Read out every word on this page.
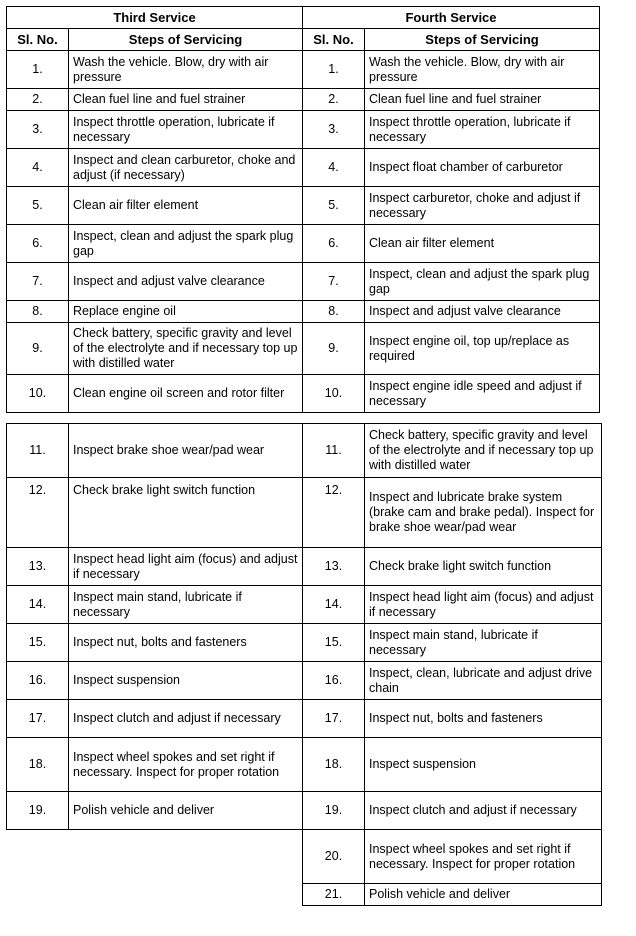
Third Service		Fourth Service	
Sl. No.	Steps of Servicing	Sl. No.	Steps of Servicing
1.	Wash the vehicle. Blow, dry with air pressure	1.	Wash the vehicle. Blow, dry with air pressure
2.	Clean fuel line and fuel strainer	2.	Clean fuel line and fuel strainer
3.	Inspect throttle operation, lubricate if necessary	3.	Inspect throttle operation, lubricate if necessary
4.	Inspect and clean carburetor, choke and adjust (if necessary)	4.	Inspect float chamber of carburetor
5.	Clean air filter element	5.	Inspect carburetor, choke and adjust if necessary
6.	Inspect, clean and adjust the spark plug gap	6.	Clean air filter element
7.	Inspect and adjust valve clearance	7.	Inspect, clean and adjust the spark plug gap
8.	Replace engine oil	8.	Inspect and adjust valve clearance
9.	Check battery, specific gravity and level of the electrolyte and if necessary top up with distilled water	9.	Inspect engine oil, top up/replace as required
10.	Clean engine oil screen and rotor filter	10.	Inspect engine idle speed and adjust if necessary
11.	Inspect brake shoe wear/pad wear	11.	Check battery, specific gravity and level of the electrolyte and if necessary top up with distilled water
12.	Check brake light switch function	12.	Inspect and lubricate brake system (brake cam and brake pedal). Inspect for brake shoe wear/pad wear
13.	Inspect head light aim (focus) and adjust if necessary	13.	Check brake light switch function
14.	Inspect main stand, lubricate if necessary	14.	Inspect head light aim (focus) and adjust if necessary
15.	Inspect nut, bolts and fasteners	15.	Inspect main stand, lubricate if necessary
16.	Inspect suspension	16.	Inspect, clean, lubricate and adjust drive chain
17.	Inspect clutch and adjust if necessary	17.	Inspect nut, bolts and fasteners
18.	Inspect wheel spokes and set right if necessary. Inspect for proper rotation	18.	Inspect suspension
19.	Polish vehicle and deliver	19.	Inspect clutch and adjust if necessary
		20.	Inspect wheel spokes and set right if necessary. Inspect for proper rotation
		21.	Polish vehicle and deliver
